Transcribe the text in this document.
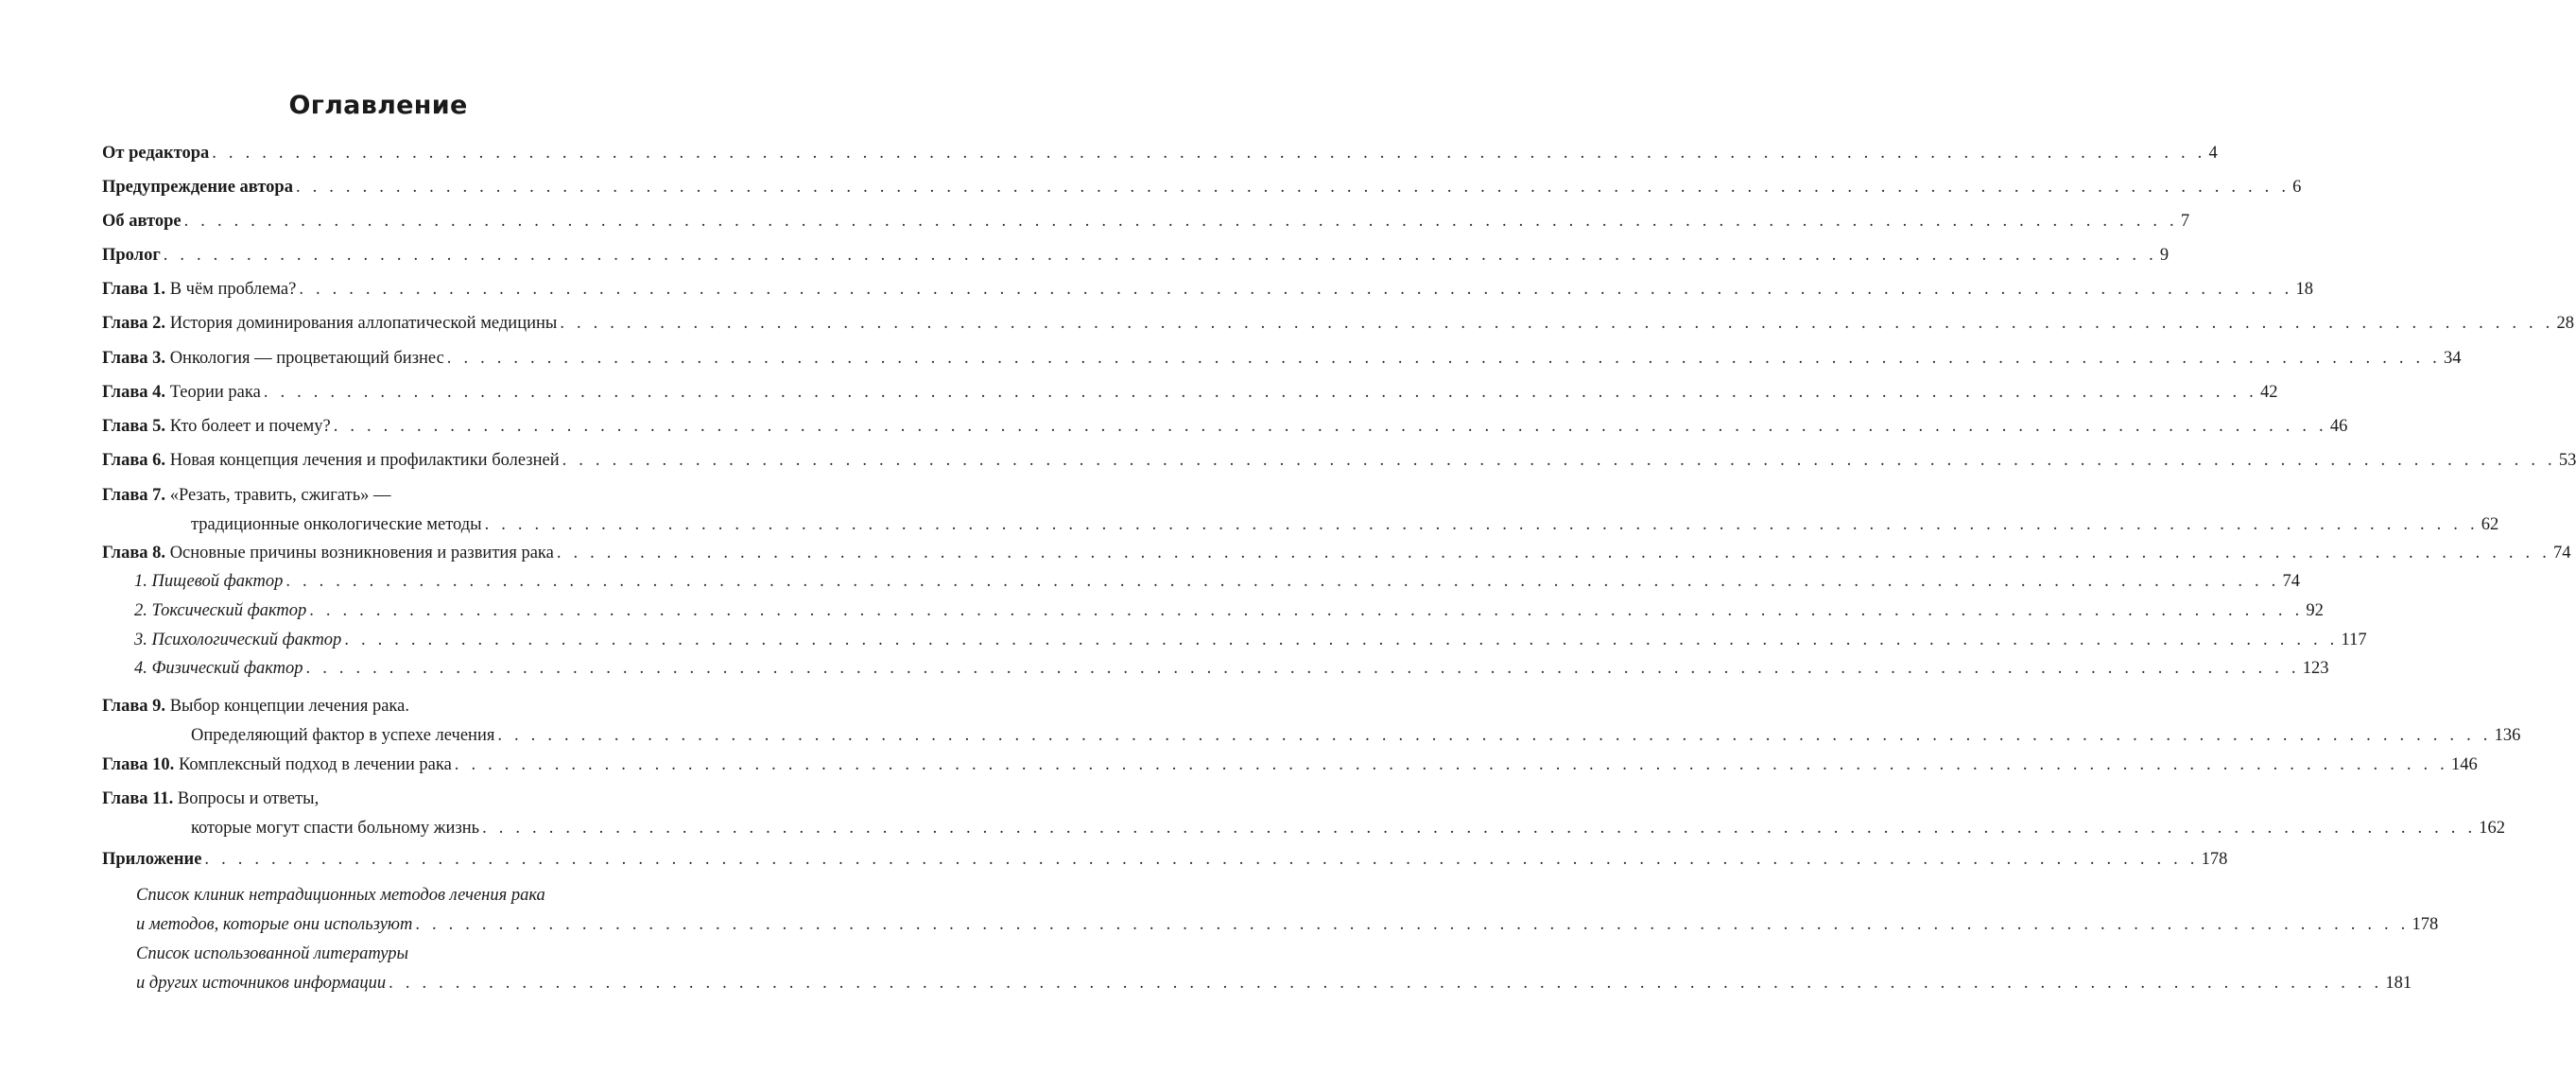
Оглавление
От редактора . . . . . . . . . . . . . . . . . . . . . . . . . . . . . . . . . . . . . . . . . . . . . . . . . . . . . . . . . . . . . . . . . . . . . . . . . . . . . . . . . . . . . . . . . . . . . . . . . . . . . . . . . . . . . . . . . . . . . . . . 4
Предупреждение автора . . . . . . . . . . . . . . . . . . . . . . . . . . . . . . . . . . . . . . . . . . . . . . . . . . . . . . . . . . . . . . . . . . . . . . . . . . . . . . . . . . . . . . . . . . . . . . . . . . . . . . . . . . . . . . . . . . . . . . . . 6
Об авторе . . . . . . . . . . . . . . . . . . . . . . . . . . . . . . . . . . . . . . . . . . . . . . . . . . . . . . . . . . . . . . . . . . . . . . . . . . . . . . . . . . . . . . . . . . . . . . . . . . . . . . . . . . . . . . . . . . . . . . . . 7
Пролог . . . . . . . . . . . . . . . . . . . . . . . . . . . . . . . . . . . . . . . . . . . . . . . . . . . . . . . . . . . . . . . . . . . . . . . . . . . . . . . . . . . . . . . . . . . . . . . . . . . . . . . . . . . . . . . . . . . . . . . . 9
Глава 1. В чём проблема? . . . . . . . . . . . . . . . . . . . . . . . . . . . . . . . . . . . . . . . . . . . . . . . . . . . . . . . . . . . . . . . . . . . . . . . . . . . . . . . . . . . . . . . . . . . . . . . . . . . . . . . . . . . . . . . . . . . . . . . . 18
Глава 2. История доминирования аллопатической медицины . . . . . . . . . . . . . . . . . . . . . . . . . . . . . . . . . . . . . . . . . . . . . . . . . . . . . . . . . . . . . . . . . . . . . . . . . . . . . . . . . . . . . . . . . . . . . . . . . . . . . . . . . . . . . . . . . . . . . . . . 28
Глава 3. Онкология — процветающий бизнес . . . . . . . . . . . . . . . . . . . . . . . . . . . . . . . . . . . . . . . . . . . . . . . . . . . . . . . . . . . . . . . . . . . . . . . . . . . . . . . . . . . . . . . . . . . . . . . . . . . . . . . . . . . . . . . . . . . . . . . . 34
Глава 4. Теории рака . . . . . . . . . . . . . . . . . . . . . . . . . . . . . . . . . . . . . . . . . . . . . . . . . . . . . . . . . . . . . . . . . . . . . . . . . . . . . . . . . . . . . . . . . . . . . . . . . . . . . . . . . . . . . . . . . . . . . . . . 42
Глава 5. Кто болеет и почему? . . . . . . . . . . . . . . . . . . . . . . . . . . . . . . . . . . . . . . . . . . . . . . . . . . . . . . . . . . . . . . . . . . . . . . . . . . . . . . . . . . . . . . . . . . . . . . . . . . . . . . . . . . . . . . . . . . . . . . . . 46
Глава 6. Новая концепция лечения и профилактики болезней . . . . . . . . . . . . . . . . . . . . . . . . . . . . . . . . . . . . . . . . . . . . . . . . . . . . . . . . . . . . . . . . . . . . . . . . . . . . . . . . . . . . . . . . . . . . . . . . . . . . . . . . . . . . . . . . . . . . . . . . 53
Глава 7. «Резать, травить, сжигать» —
традиционные онкологические методы . . . . . . . . . . . . . . . . . . . . . . . . . . . . . . . . . . . . . . . . . . . . . . . . . . . . . . . . . . . . . . . . . . . . . . . . . . . . . . . . . . . . . . . . . . . . . . . . . . . . . . . . . . . . . . . . . . . . . . . . 62
Глава 8. Основные причины возникновения и развития рака . . . . . . . . . . . . . . . . . . . . . . . . . . . . . . . . . . . . . . . . . . . . . . . . . . . . . . . . . . . . . . . . . . . . . . . . . . . . . . . . . . . . . . . . . . . . . . . . . . . . . . . . . . . . . . . . . . . . . . . . 74
1. Пищевой фактор . . . . . . . . . . . . . . . . . . . . . . . . . . . . . . . . . . . . . . . . . . . . . . . . . . . . . . . . . . . . . . . . . . . . . . . . . . . . . . . . . . . . . . . . . . . . . . . . . . . . . . . . . . . . . . . . . . . . . . . . 74
2. Токсический фактор . . . . . . . . . . . . . . . . . . . . . . . . . . . . . . . . . . . . . . . . . . . . . . . . . . . . . . . . . . . . . . . . . . . . . . . . . . . . . . . . . . . . . . . . . . . . . . . . . . . . . . . . . . . . . . . . . . . . . . . . 92
3. Психологический фактор . . . . . . . . . . . . . . . . . . . . . . . . . . . . . . . . . . . . . . . . . . . . . . . . . . . . . . . . . . . . . . . . . . . . . . . . . . . . . . . . . . . . . . . . . . . . . . . . . . . . . . . . . . . . . . . . . . . . . . . . 117
4. Физический фактор . . . . . . . . . . . . . . . . . . . . . . . . . . . . . . . . . . . . . . . . . . . . . . . . . . . . . . . . . . . . . . . . . . . . . . . . . . . . . . . . . . . . . . . . . . . . . . . . . . . . . . . . . . . . . . . . . . . . . . . . 123
Глава 9. Выбор концепции лечения рака.
Определяющий фактор в успехе лечения . . . . . . . . . . . . . . . . . . . . . . . . . . . . . . . . . . . . . . . . . . . . . . . . . . . . . . . . . . . . . . . . . . . . . . . . . . . . . . . . . . . . . . . . . . . . . . . . . . . . . . . . . . . . . . . . . . . . . . . . 136
Глава 10. Комплексный подход в лечении рака . . . . . . . . . . . . . . . . . . . . . . . . . . . . . . . . . . . . . . . . . . . . . . . . . . . . . . . . . . . . . . . . . . . . . . . . . . . . . . . . . . . . . . . . . . . . . . . . . . . . . . . . . . . . . . . . . . . . . . . . 146
Глава 11. Вопросы и ответы,
которые могут спасти больному жизнь . . . . . . . . . . . . . . . . . . . . . . . . . . . . . . . . . . . . . . . . . . . . . . . . . . . . . . . . . . . . . . . . . . . . . . . . . . . . . . . . . . . . . . . . . . . . . . . . . . . . . . . . . . . . . . . . . . . . . . . . 162
Приложение . . . . . . . . . . . . . . . . . . . . . . . . . . . . . . . . . . . . . . . . . . . . . . . . . . . . . . . . . . . . . . . . . . . . . . . . . . . . . . . . . . . . . . . . . . . . . . . . . . . . . . . . . . . . . . . . . . . . . . . . 178
Список клиник нетрадиционных методов лечения рака
и методов, которые они используют . . . . . . . . . . . . . . . . . . . . . . . . . . . . . . . . . . . . . . . . . . . . . . . . . . . . . . . . . . . . . . . . . . . . . . . . . . . . . . . . . . . . . . . . . . . . . . . . . . . . . . . . . . . . . . . . . . . . . . . . 178
Список использованной литературы
и других источников информации . . . . . . . . . . . . . . . . . . . . . . . . . . . . . . . . . . . . . . . . . . . . . . . . . . . . . . . . . . . . . . . . . . . . . . . . . . . . . . . . . . . . . . . . . . . . . . . . . . . . . . . . . . . . . . . . . . . . . . . . 181
